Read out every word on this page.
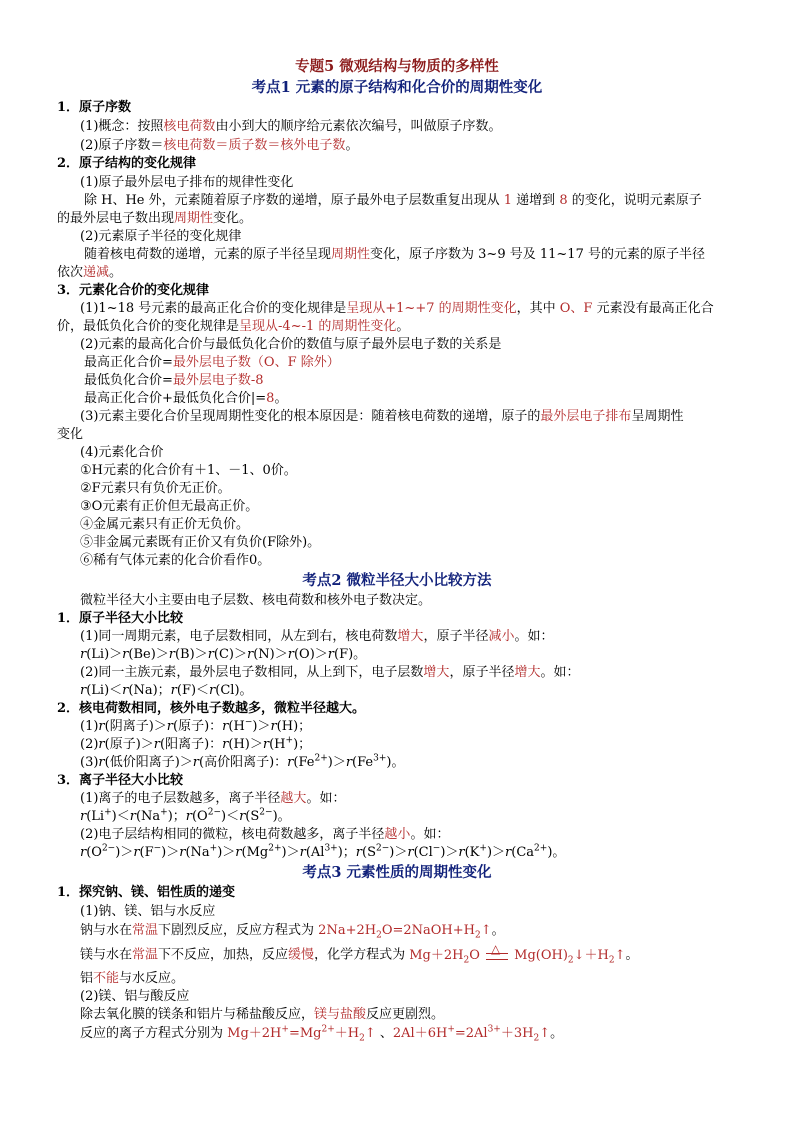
专题5 微观结构与物质的多样性
考点1 元素的原子结构和化合价的周期性变化
1．原子序数
(1)概念：按照核电荷数由小到大的顺序给元素依次编号，叫做原子序数。
(2)原子序数＝核电荷数＝质子数＝核外电子数。
2．原子结构的变化规律
(1)原子最外层电子排布的规律性变化
除 H、He 外，元素随着原子序数的递增，原子最外电子层数重复出现从 1 递增到 8 的变化，说明元素原子
的最外层电子数出现周期性变化。
(2)元素原子半径的变化规律
随着核电荷数的递增，元素的原子半径呈现周期性变化，原子序数为 3~9 号及 11~17 号的元素的原子半径
依次递减。
3．元素化合价的变化规律
(1)1~18 号元素的最高正化合价的变化规律是呈现从+1~+7 的周期性变化，其中 O、F 元素没有最高正化合
价，最低负化合价的变化规律是呈现从-4~-1 的周期性变化。
(2)元素的最高化合价与最低负化合价的数值与原子最外层电子数的关系是
最高正化合价=最外层电子数（O、F 除外）
最低负化合价=最外层电子数-8
最高正化合价+最低负化合价|=8。
(3)元素主要化合价呈现周期性变化的根本原因是：随着核电荷数的递增，原子的最外层电子排布呈周期性
变化
(4)元素化合价
①H元素的化合价有＋1、－1、0价。
②F元素只有负价无正价。
③O元素有正价但无最高正价。
④金属元素只有正价无负价。
⑤非金属元素既有正价又有负价(F除外)。
⑥稀有气体元素的化合价看作0。
考点2 微粒半径大小比较方法
微粒半径大小主要由电子层数、核电荷数和核外电子数决定。
1．原子半径大小比较
(1)同一周期元素，电子层数相同，从左到右，核电荷数增大，原子半径减小。如：
r(Li)＞r(Be)＞r(B)＞r(C)＞r(N)＞r(O)＞r(F)。
(2)同一主族元素，最外层电子数相同，从上到下，电子层数增大，原子半径增大。如：
r(Li)＜r(Na)；r(F)＜r(Cl)。
2．核电荷数相同，核外电子数越多，微粒半径越大。
(1)r(阴离子)＞r(原子)：r(H−)＞r(H)；
(2)r(原子)＞r(阳离子)：r(H)＞r(H+)；
(3)r(低价阳离子)＞r(高价阳离子)：$r(Fe^{2+})>r(Fe^{3+})$。
3．离子半径大小比较
(1)离子的电子层数越多，离子半径越大。如：
r(Li+)＜r(Na+)；$r(O^{2-})<r(S^{2-})$。
(2)电子层结构相同的微粒，核电荷数越多，离子半径越小。如：
$r(O^{2-})>r(F^-)>r(Na^+)>r(Mg^{2+})>r(Al^{3+})$；$r(S^{2-})>r(Cl^-)>r(K^+)>r(Ca^{2+})$。
考点3 元素性质的周期性变化
1．探究钠、镁、铝性质的递变
(1)钠、镁、铝与水反应
钠与水在常温下剧烈反应，反应方程式为 $2Na+2H_2O=2NaOH+H_2↑$。
镁与水在常温下不反应，加热，反应缓慢，化学方程式为 $Mg+2H_2O$ △ $Mg(OH)_2↓+H_2↑$。
铝不能与水反应。
(2)镁、铝与酸反应
除去氧化膜的镁条和铝片与稀盐酸反应，镁与盐酸反应更剧烈。
反应的离子方程式分别为 $Mg+2H^+=Mg^{2+}+H_2↑$ 、$2Al+6H^+=2Al^{3+}+3H_2↑$。
